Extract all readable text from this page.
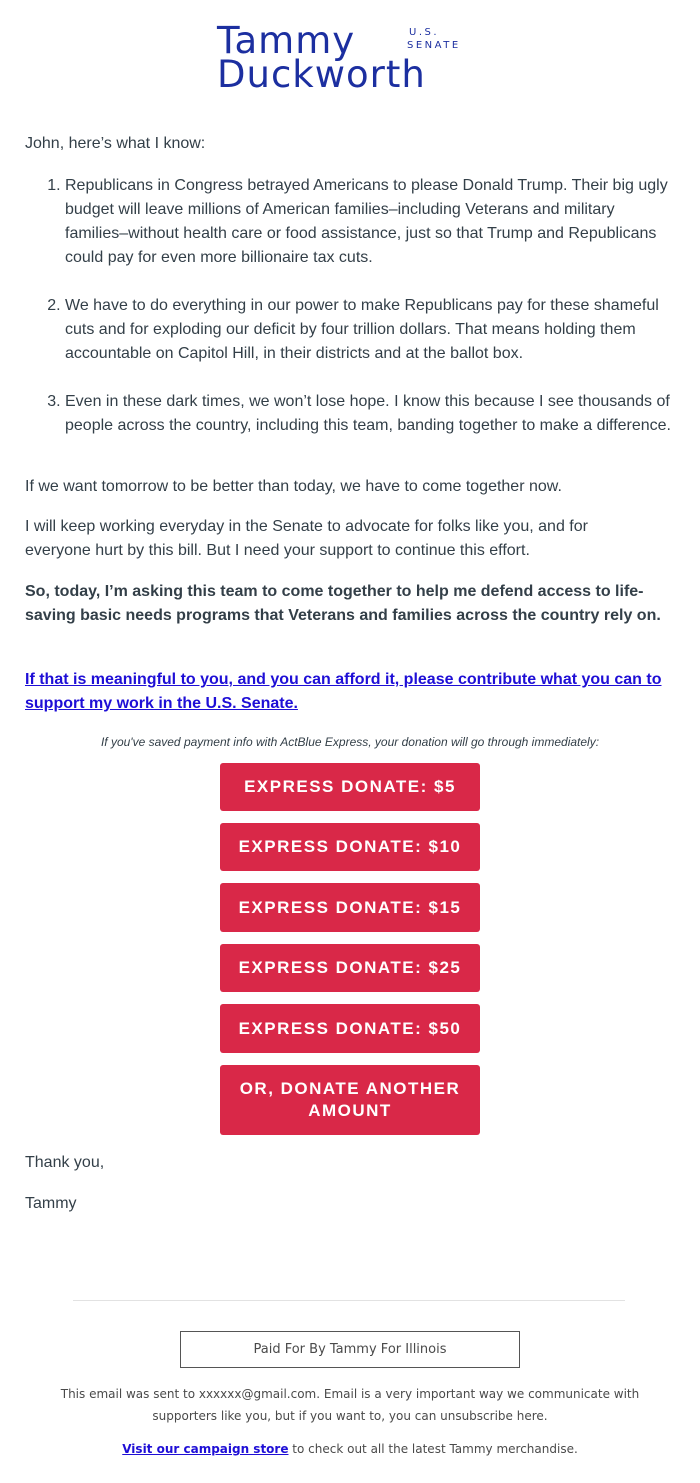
Tammy	U.S.
SENATE
Duckworth

John, here’s what I know:

1. Republicans in Congress betrayed Americans to please Donald Trump. Their big ugly budget will leave millions of American families–including Veterans and military families–without health care or food assistance, just so that Trump and Republicans could pay for even more billionaire tax cuts.
2. We have to do everything in our power to make Republicans pay for these shameful cuts and for exploding our deficit by four trillion dollars. That means holding them accountable on Capitol Hill, in their districts and at the ballot box.
3. Even in these dark times, we won’t lose hope. I know this because I see thousands of people across the country, including this team, banding together to make a difference.

If we want tomorrow to be better than today, we have to come together now.

I will keep working everyday in the Senate to advocate for folks like you, and for everyone hurt by this bill. But I need your support to continue this effort.

So, today, I’m asking this team to come together to help me defend access to life-saving basic needs programs that Veterans and families across the country rely on.

If that is meaningful to you, and you can afford it, please contribute what you can to support my work in the U.S. Senate.

If you've saved payment info with ActBlue Express, your donation will go through immediately:
EXPRESS DONATE: $5
EXPRESS DONATE: $10
EXPRESS DONATE: $15
EXPRESS DONATE: $25
EXPRESS DONATE: $50
OR, DONATE ANOTHER AMOUNT

Thank you,

Tammy

Paid For By Tammy For Illinois
This email was sent to xxxxxx@gmail.com. Email is a very important way we communicate with supporters like you, but if you want to, you can unsubscribe here.
Visit our campaign store to check out all the latest Tammy merchandise.
